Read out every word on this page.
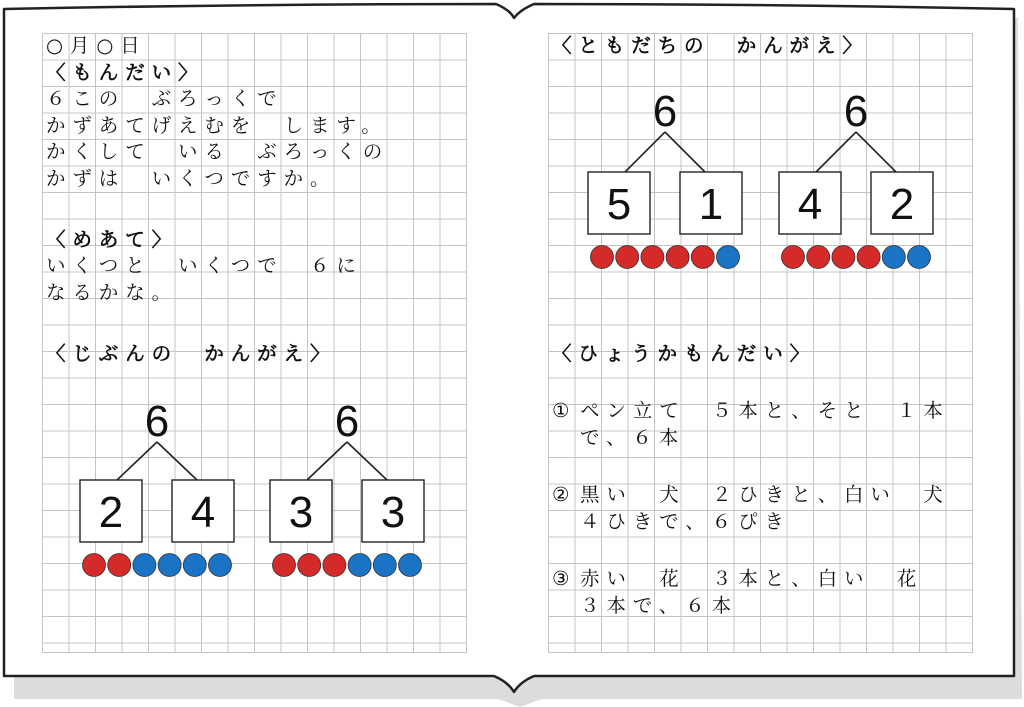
○月○日
〈もんだい〉
６この　ぶろっくで
かずあてげえむを　します。
かくして　いる　ぶろっくの
かずは　いくつですか。
〈めあて〉
いくつと　いくつで　６に
なるかな。
〈じぶんの　かんがえ〉
〈ともだちの　かんがえ〉
〈ひょうかもんだい〉
① ペン立て　５本と、そと　１本
で、６本
② 黒い　犬　２ひきと、白い　犬
４ひきで、６ぴき
③ 赤い　花　３本と、白い　花
３本で、６本
6
2 4
6
3 3
6
5 1
6
4 2
